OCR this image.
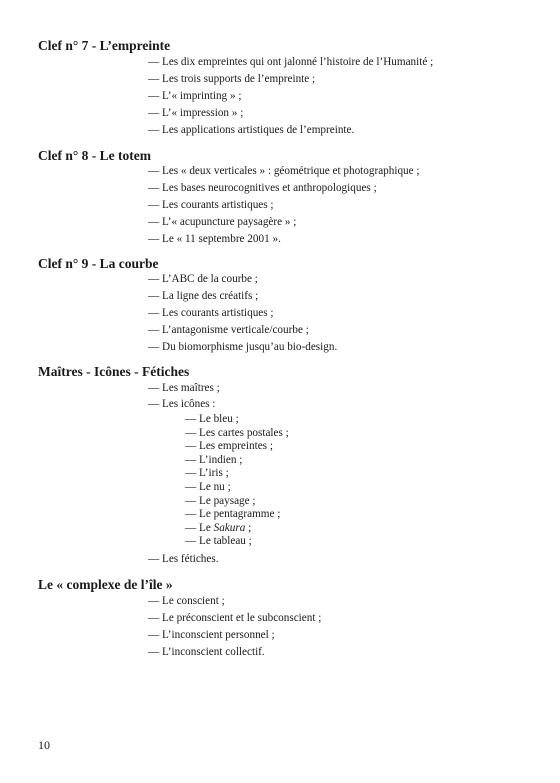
Clef n° 7 - L’empreinte
— Les dix empreintes qui ont jalonné l’histoire de l’Humanité ;
— Les trois supports de l’empreinte ;
— L’« imprinting » ;
— L’« impression » ;
— Les applications artistiques de l’empreinte.
Clef n° 8 - Le totem
— Les « deux verticales » : géométrique et photographique ;
— Les bases neurocognitives et anthropologiques ;
— Les courants artistiques ;
— L’« acupuncture paysagère » ;
— Le « 11 septembre 2001 ».
Clef n° 9 - La courbe
— L’ABC de la courbe ;
— La ligne des créatifs ;
— Les courants artistiques ;
— L’antagonisme verticale/courbe ;
— Du biomorphisme jusqu’au bio-design.
Maîtres - Icônes - Fétiches
— Les maîtres ;
— Les icônes :
— Le bleu ;
— Les cartes postales ;
— Les empreintes ;
— L’indien ;
— L’iris ;
— Le nu ;
— Le paysage ;
— Le pentagramme ;
— Le Sakura ;
— Le tableau ;
— Les fétiches.
Le « complexe de l’île »
— Le conscient ;
— Le préconscient et le subconscient ;
— L’inconscient personnel ;
— L’inconscient collectif.
10
